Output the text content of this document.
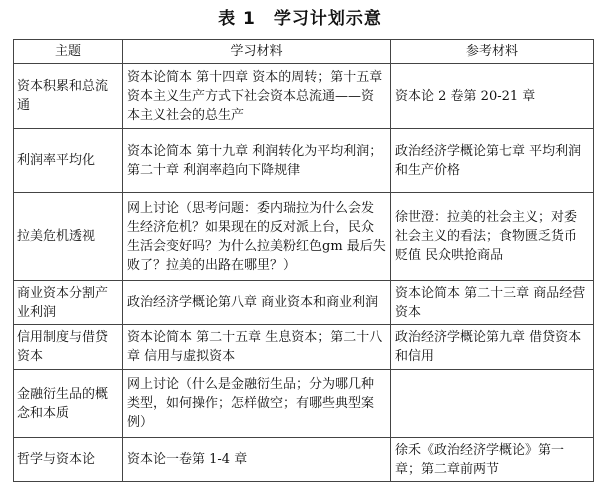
表 1 学习计划示意
主题	学习材料	参考材料
资本积累和总流通	资本论简本 第十四章 资本的周转；第十五章 资本主义生产方式下社会资本总流通——资本主义社会的总生产	资本论 2 卷第 20-21 章
利润率平均化	资本论简本 第十九章 利润转化为平均利润；第二十章 利润率趋向下降规律	政治经济学概论第七章 平均利润和生产价格
拉美危机透视	网上讨论（思考问题：委内瑞拉为什么会发生经济危机？如果现在的反对派上台，民众生活会变好吗？为什么拉美粉红色gm 最后失败了？拉美的出路在哪里？）	徐世澄：拉美的社会主义；对委社会主义的看法；食物匮乏货币贬值 民众哄抢商品
商业资本分割产业利润	政治经济学概论第八章 商业资本和商业利润	资本论简本 第二十三章 商品经营资本
信用制度与借贷资本	资本论简本 第二十五章 生息资本；第二十八章 信用与虚拟资本	政治经济学概论第九章 借贷资本和信用
金融衍生品的概念和本质	网上讨论（什么是金融衍生品；分为哪几种类型，如何操作；怎样做空；有哪些典型案例）	
哲学与资本论	资本论一卷第 1-4 章	徐禾《政治经济学概论》第一章；第二章前两节
